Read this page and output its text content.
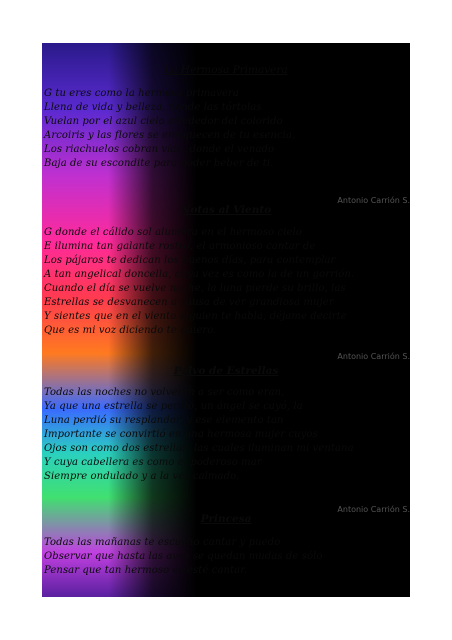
La Hermosa Primavera
G tu eres como la hermosa primavera
Llena de vida y belleza, donde las tórtolas
Vuelan por el azul cielo alrededor del colorido
Arcoiris y las flores se enriquecen de tu esencia,
Los riachuelos cobran vida, donde el venado
Baja de su escondite para poder beber de ti.
Antonio Carrión S.
Notas al Viento
G donde el cálido sol alumbra en el hermoso cielo
E ilumina tan galante rostro, el armonioso cantar de
Los pájaros te dedican los buenos días, para contemplar
A tan angelical doncella, cuya vez es como la de un gorrión.
Cuando el día se vuelve noche, la luna pierde su brillo, las
Estrellas se desvanecen a causa de ver grandiosa mujer
Y sientes que en el viento alguien te habla, déjame decirte
Que es mi voz diciendo te quiero.
Antonio Carrión S.
Polvo de Estrellas
Todas las noches no volverán a ser como eran,
Ya que una estrella se perdió, un ángel se cayó, la
Luna perdió su resplandor, y ese elemento tan
Importante se convirtió en una hermosa mujer cuyos
Ojos son como dos estrellas, las cuales iluminan mi ventana
Y cuya cabellera es como el poderoso mar
Siempre ondulado y a la vez calmado.
Antonio Carrión S.
Princesa
Todas las mañanas te escucho cantar y puedo
Observar que hasta las aves se quedan mudas de sólo
Pensar que tan hermoso es esté cantar.
